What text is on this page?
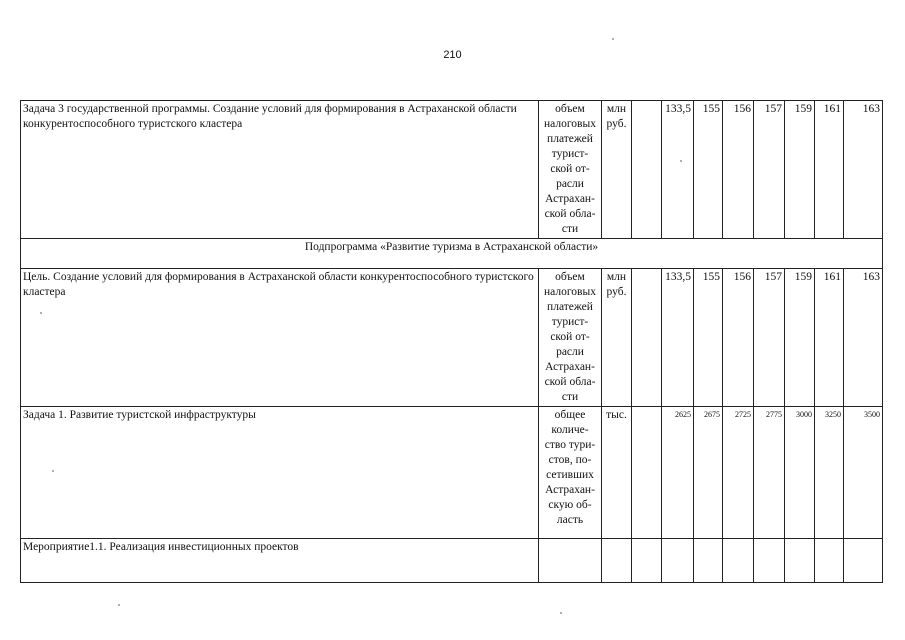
210
Задача 3 государственной программы. Создание условий для формирования в Астраханской области конкурентоспособного туристского кластера	объем налоговых платежей турист-ской от-расли Астрахан-ской обла-сти	млн руб.		133,5	155	156	157	159	161	163
Подпрограмма «Развитие туризма в Астраханской области»										
Цель. Создание условий для формирования в Астраханской области конкурентоспособного туристского кластера	объем налоговых платежей турист-ской от-расли Астрахан-ской обла-сти	млн руб.		133,5	155	156	157	159	161	163
Задача 1. Развитие туристской инфраструктуры	общее количе-ство тури-стов, по-сетивших Астрахан-скую об-ласть	тыс.		2625	2675	2725	2775	3000	3250	3500
Мероприятие1.1. Реализация инвестиционных проектов										
